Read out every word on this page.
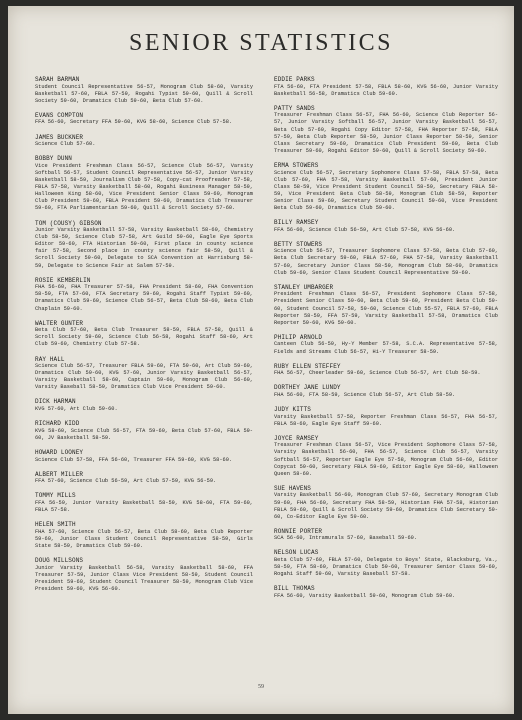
SENIOR STATISTICS
SARAH BARMAN
Student Council Representative 56-57, Monogram Club 58-60, Varsity Basketball 57-60, FBLA 57-59, Rogahi Typist 59-60, Quill & Scroll Society 59-60, Dramatics Club 59-60, Beta Club 57-60.
EVANS COMPTON
FFA 56-60, Secretary FFA 59-60, KVG 58-60, Science Club 57-58.
JAMES BUCKNER
Science Club 57-60.
BOBBY DUNN
Vice President Freshman Class 56-57, Science Club 56-57, Varsity Softball 56-57, Student Council Representative 56-57, Junior Varsity Basketball 58-59, Journalism Club 57-58, Copy-cat Proofreader 57-58, FBLA 57-58, Varsity Basketball 58-60, Rogahi Business Manager 58-59, Halloween King 58-60, Vice President Senior Class 59-60, Monogram Club President 59-60, FBLA President 59-60, Dramatics Club Treasurer 59-60, FTA Parliamentarian 59-60, Quill & Scroll Society 57-60.
TOM (COUSY) GIBSON
Junior Varsity Basketball 57-58, Varsity Basketball 58-60, Chemistry Club 58-59, Science Club 57-58, Art Guild 59-60, Eagle Eye Sports Editor 59-60, FTA Historian 59-60, First place in county science fair 57-58, Second place in county science fair 58-59, Quill & Scroll Society 59-60, Delegate to SCA Convention at Harrisburg 58-59, Delegate to Science Fair at Salem 57-59.
ROSIE KEMBERLIN
FHA 56-60, FHA Treasurer 57-58, FHA President 58-60, FHA Convention 58-59, FTA 57-60, FTA Secretary 59-60, Rogahi Staff Typist 59-60, Dramatics Club 59-60, Science Club 56-57, Beta Club 58-60, Beta Club Chaplain 59-60.
WALTER GUNTER
Beta Club 57-60, Beta Club Treasurer 58-59, FBLA 57-58, Quill & Scroll Society 59-60, Science Club 56-58, Rogahi Staff 58-60, Art Club 59-60, Chemistry Club 57-58.
RAY HALL
Science Club 56-57, Treasurer FBLA 59-60, FTA 59-60, Art Club 59-60, Dramatics Club 59-60, KVG 57-60, Junior Varsity Basketball 56-57, Varsity Basketball 58-60, Captain 59-60, Monogram Club 56-60, Varsity Baseball 58-59, Dramatics Club Vice President 59-60.
DICK HARMAN
KVG 57-60, Art Club 59-60.
RICHARD KIDD
KVG 58-60, Science Club 56-57, FTA 59-60, Beta Club 57-60, FBLA 59-60, JV Basketball 58-59.
HOWARD LOONEY
Science Club 57-58, FFA 56-60, Treasurer FFA 59-60, KVG 58-60.
ALBERT MILLER
FFA 57-60, Science Club 56-59, Art Club 57-59, KVG 56-59.
TOMMY MILLS
FFA 56-59, Junior Varsity Basketball 58-59, KVG 58-60, FTA 59-60, FBLA 57-58.
HELEN SMITH
FHA 57-60, Science Club 56-57, Beta Club 58-60, Beta Club Reporter 59-60, Junior Class Student Council Representative 58-59, Girls State 58-59, Dramatics Club 59-60.
DOUG MILLSONS
Junior Varsity Basketball 56-58, Varsity Basketball 58-60, FFA Treasurer 57-59, Junior Class Vice President 58-59, Student Council President 59-60, Student Council Treasurer 58-59, Monogram Club Vice President 59-60, KVG 56-60.
EDDIE PARKS
FTA 56-60, FTA President 57-58, FBLA 58-60, KVG 56-60, Junior Varsity Basketball 56-58, Dramatics Club 59-60.
PATTY SANDS
Treasurer Freshman Class 56-57, FHA 56-60, Science Club Reporter 56-57, Junior Varsity Softball 56-57, Junior Varsity Basketball 56-57, Beta Club 57-60, Rogahi Copy Editor 57-58, FHA Reporter 57-58, FBLA 57-59, Beta Club Reporter 58-59, Junior Class Reporter 58-59, Senior Class Secretary 59-60, Dramatics Club President 59-60, Beta Club Treasurer 59-60, Rogahi Editor 59-60, Quill & Scroll Society 59-60.
ERMA STOWERS
Science Club 56-57, Secretary Sophomore Class 57-58, FBLA 57-58, Beta Club 57-60, FHA 57-58, Varsity Basketball 57-60, President Junior Class 58-59, Vice President Student Council 58-59, Secretary FBLA 58-59, Vice President Beta Club 58-59, Monogram Club 58-59, Reporter Senior Class 59-60, Secretary Student Council 59-60, Vice President Beta Club 59-60, Dramatics Club 59-60.
BILLY RAMSEY
FFA 56-60, Science Club 56-59, Art Club 57-58, KVG 56-60.
BETTY STOWERS
Science Club 56-57, Treasurer Sophomore Class 57-58, Beta Club 57-60, Beta Club Secretary 59-60, FBLA 57-60, FHA 57-58, Varsity Basketball 57-60, Secretary Junior Class 58-59, Monogram Club 58-60, Dramatics Club 59-60, Senior Class Student Council Representative 59-60.
STANLEY UMBARGER
President Freshman Class 56-57, President Sophomore Class 57-58, President Senior Class 59-60, Beta Club 59-60, President Beta Club 59-60, Student Council 57-58, 59-60, Science Club 55-57, FBLA 57-60, FBLA Reporter 58-59, FFA 57-59, Varsity Basketball 57-58, Dramatics Club Reporter 59-60, KVG 59-60.
PHILIP ARNOLD
Canteen Club 56-59, Hy-Y Member 57-58, S.C.A. Representative 57-58, Fields and Streams Club 56-57, Hi-Y Treasurer 58-59.
RUBY ELLEN STEFFEY
FHA 56-57, Cheerleader 59-60, Science Club 56-57, Art Club 58-59.
DORTHEY JANE LUNDY
FHA 56-60, FTA 58-59, Science Club 56-57, Art Club 58-59.
JUDY KITTS
Varsity Basketball 57-58, Reporter Freshman Class 56-57, FHA 56-57, FBLA 58-60, Eagle Eye Staff 59-60.
JOYCE RAMSEY
Treasurer Freshman Class 56-57, Vice President Sophomore Class 57-58, Varsity Basketball 56-60, FHA 56-57, Science Club 56-57, Varsity Softball 56-57, Reporter Eagle Eye 57-58, Monogram Club 56-60, Editor Copycat 59-60, Secretary FBLA 59-60, Editor Eagle Eye 58-60, Halloween Queen 58-60.
SUE HAVENS
Varsity Basketball 56-60, Monogram Club 57-60, Secretary Monogram Club 59-60, FHA 56-60, Secretary FHA 58-59, Historian FHA 57-58, Historian FBLA 59-60, Quill & Scroll Society 59-60, Dramatics Club Secretary 59-60, Co-Editor Eagle Eye 59-60.
RONNIE PORTER
SCA 56-60, Intramurals 57-60, Baseball 59-60.
NELSON LUCAS
Beta Club 57-60, FBLA 57-60, Delegate to Boys' State, Blacksburg, Va., 58-59, FTA 58-60, Dramatics Club 59-60, Treasurer Senior Class 59-60, Rogahi Staff 59-60, Varsity Baseball 57-58.
BILL THOMAS
FFA 56-60, Varsity Basketball 59-60, Monogram Club 59-60.
59
